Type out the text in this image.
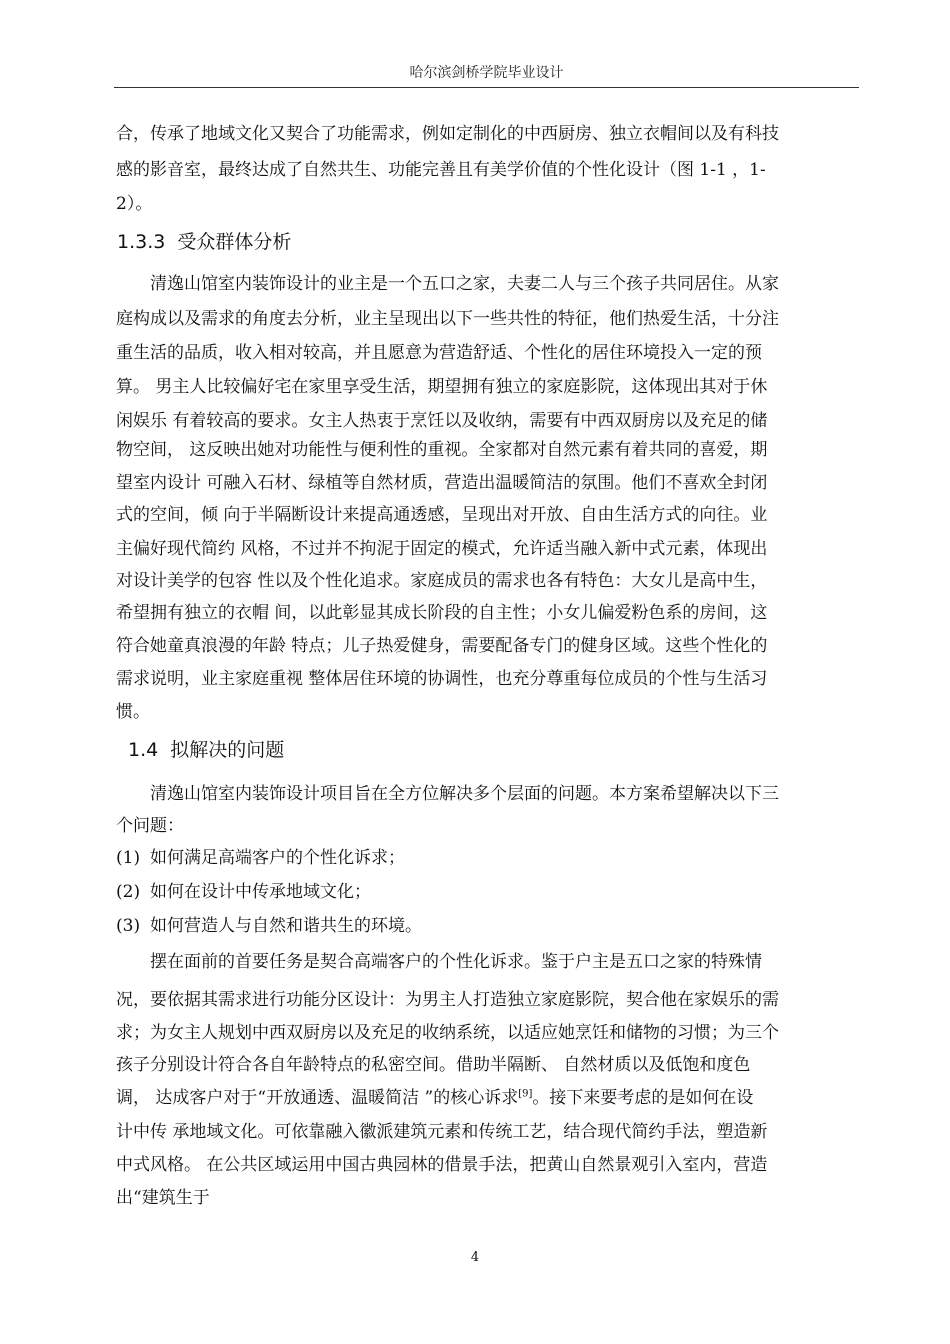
哈尔滨剑桥学院毕业设计
合，传承了地域文化又契合了功能需求，例如定制化的中西厨房、独立衣帽间以及有科技
感的影音室，最终达成了自然共生、功能完善且有美学价值的个性化设计（图 1-1 ，1-
2）。
1.3.3 受众群体分析
清逸山馆室内装饰设计的业主是一个五口之家，夫妻二人与三个孩子共同居住。从家
庭构成以及需求的角度去分析，业主呈现出以下一些共性的特征，他们热爱生活，十分注
重生活的品质，收入相对较高，并且愿意为营造舒适、个性化的居住环境投入一定的预
算。 男主人比较偏好宅在家里享受生活，期望拥有独立的家庭影院，这体现出其对于休
闲娱乐 有着较高的要求。女主人热衷于烹饪以及收纳，需要有中西双厨房以及充足的储
物空间， 这反映出她对功能性与便利性的重视。全家都对自然元素有着共同的喜爱，期
望室内设计 可融入石材、绿植等自然材质，营造出温暖简洁的氛围。他们不喜欢全封闭
式的空间，倾 向于半隔断设计来提高通透感，呈现出对开放、自由生活方式的向往。业
主偏好现代简约 风格，不过并不拘泥于固定的模式，允许适当融入新中式元素，体现出
对设计美学的包容 性以及个性化追求。家庭成员的需求也各有特色：大女儿是高中生，
希望拥有独立的衣帽 间，以此彰显其成长阶段的自主性；小女儿偏爱粉色系的房间，这
符合她童真浪漫的年龄 特点；儿子热爱健身，需要配备专门的健身区域。这些个性化的
需求说明，业主家庭重视 整体居住环境的协调性，也充分尊重每位成员的个性与生活习
惯。
1.4 拟解决的问题
清逸山馆室内装饰设计项目旨在全方位解决多个层面的问题。本方案希望解决以下三
个问题：
(1) 如何满足高端客户的个性化诉求；
(2) 如何在设计中传承地域文化；
(3) 如何营造人与自然和谐共生的环境。
摆在面前的首要任务是契合高端客户的个性化诉求。鉴于户主是五口之家的特殊情
况，要依据其需求进行功能分区设计：为男主人打造独立家庭影院，契合他在家娱乐的需
求；为女主人规划中西双厨房以及充足的收纳系统，以适应她烹饪和储物的习惯；为三个
孩子分别设计符合各自年龄特点的私密空间。借助半隔断、 自然材质以及低饱和度色
调， 达成客户对于“开放通透、温暖简洁 ”的核心诉求[9]。接下来要考虑的是如何在设
计中传 承地域文化。可依靠融入徽派建筑元素和传统工艺，结合现代简约手法，塑造新
中式风格。 在公共区域运用中国古典园林的借景手法，把黄山自然景观引入室内，营造
出“建筑生于
4
